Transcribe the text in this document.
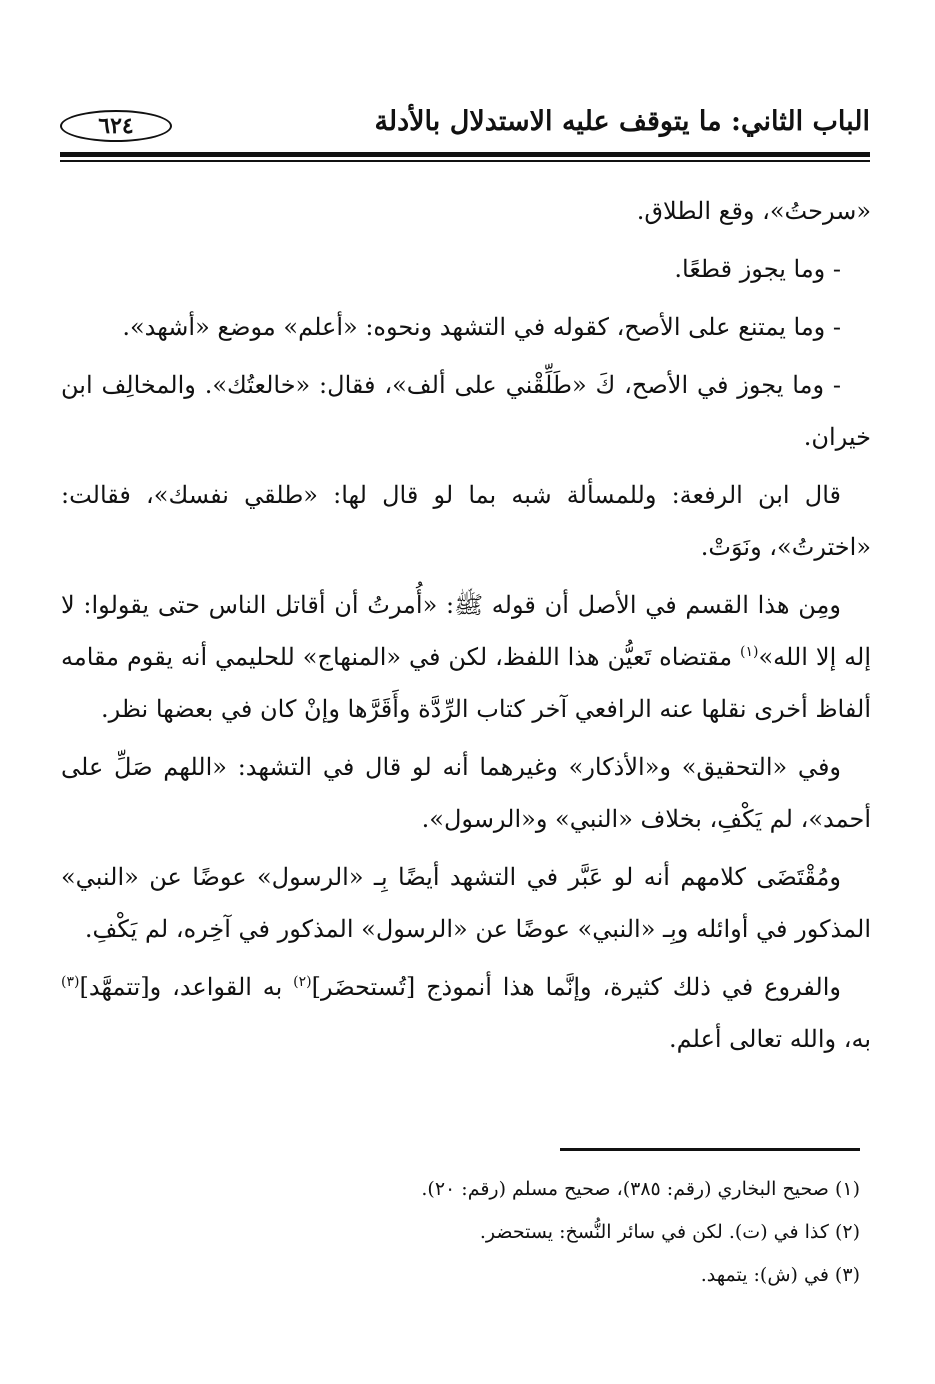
الباب الثاني: ما يتوقف عليه الاستدلال بالأدلة
٦٢٤

«سرحتُ»، وقع الطلاق.

- وما يجوز قطعًا.

- وما يمتنع على الأصح، كقوله في التشهد ونحوه: «أعلم» موضع «أشهد».

- وما يجوز في الأصح، كَ «طَلِّقْني على ألف»، فقال: «خالعتُك». والمخالِف ابن خيران.

قال ابن الرفعة: وللمسألة شبه بما لو قال لها: «طلقي نفسك»، فقالت: «اخترتُ»، ونَوَتْ.

ومِن هذا القسم في الأصل أن قوله ﷺ: «أُمرتُ أن أقاتل الناس حتى يقولوا: لا إله إلا الله»$^{(١)}$ مقتضاه تَعيُّن هذا اللفظ، لكن في «المنهاج» للحليمي أنه يقوم مقامه ألفاظ أخرى نقلها عنه الرافعي آخر كتاب الرِّدَّة وأَقَرَّها وإنْ كان في بعضها نظر.

وفي «التحقيق» و«الأذكار» وغيرهما أنه لو قال في التشهد: «اللهم صَلِّ على أحمد»، لم يَكْفِ، بخلاف «النبي» و«الرسول».

ومُقْتَضَى كلامهم أنه لو عَبَّر في التشهد أيضًا بِـ «الرسول» عوضًا عن «النبي» المذكور في أوائله وبِـ «النبي» عوضًا عن «الرسول» المذكور في آخِره، لم يَكْفِ.

والفروع في ذلك كثيرة، وإنَّما هذا أنموذج [تُستحضَر]$^{(٢)}$ به القواعد، و[تتمهَّد]$^{(٣)}$ به، والله تعالى أعلم.

(١) صحيح البخاري (رقم: ٣٨٥)، صحيح مسلم (رقم: ٢٠).

(٢) كذا في (ت). لكن في سائر النُّسخ: يستحضر.

(٣) في (ش): يتمهد.
